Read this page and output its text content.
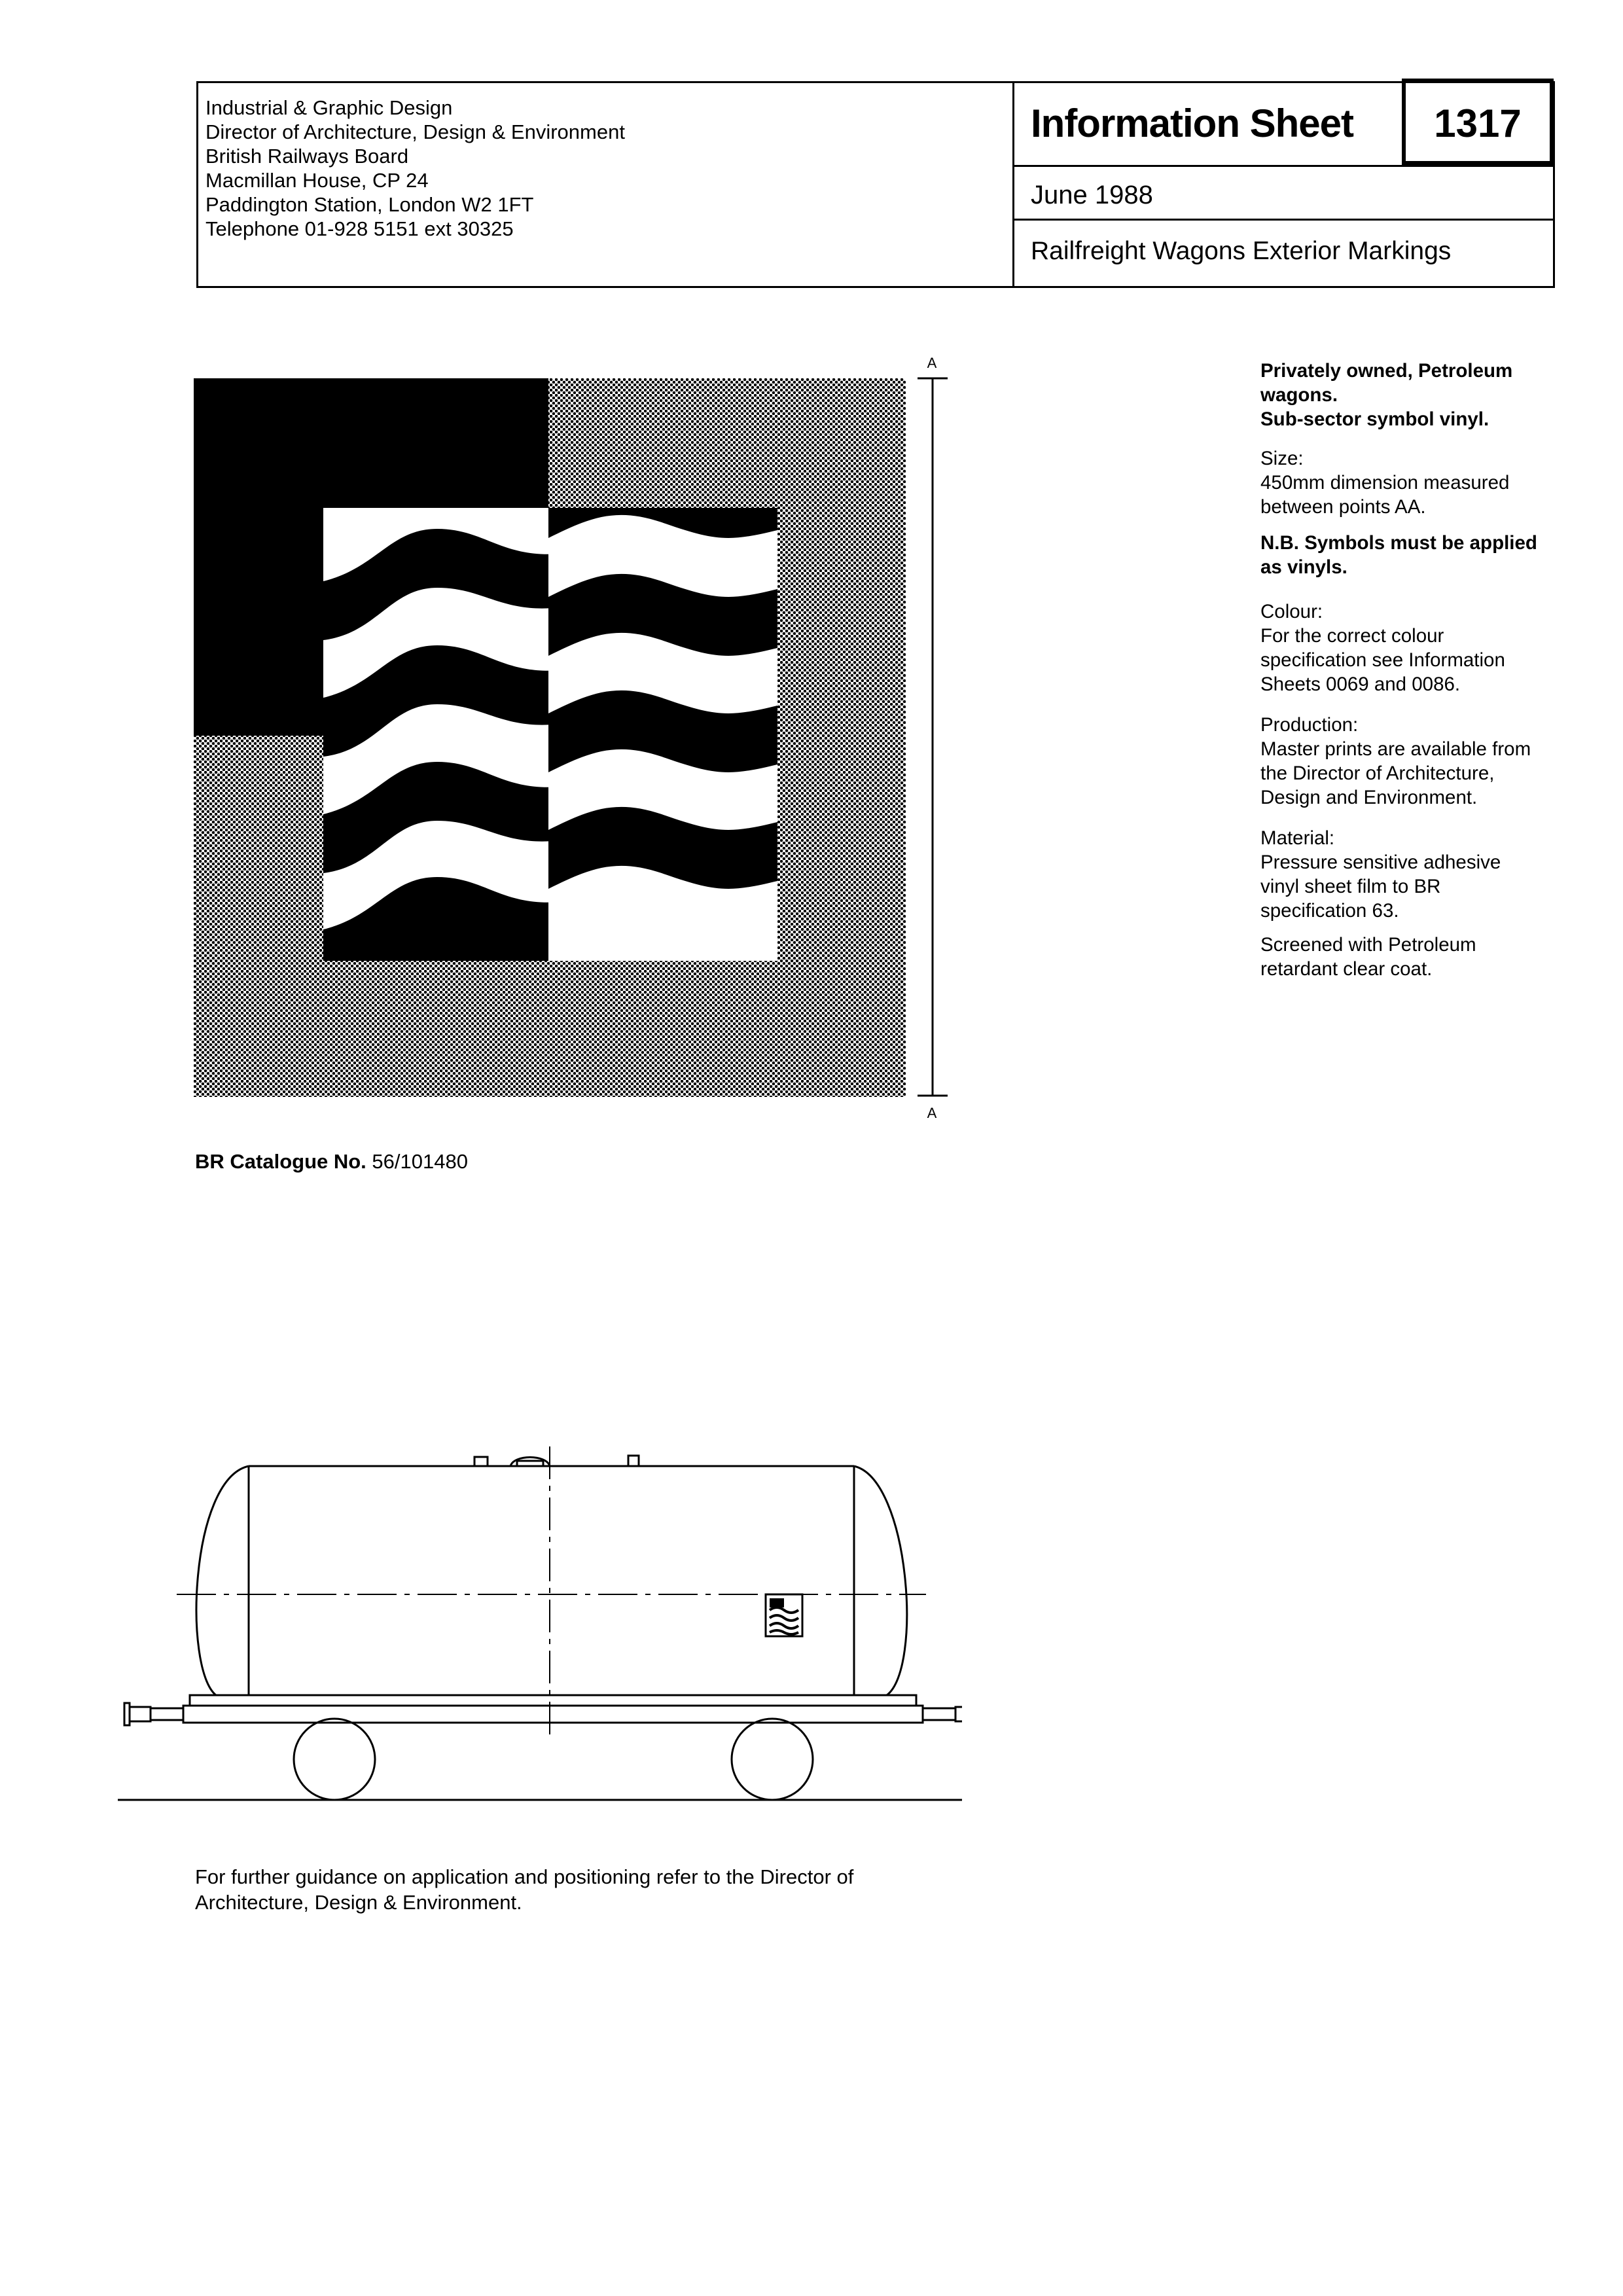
Industrial & Graphic Design
Director of Architecture, Design & Environment
British Railways Board
Macmillan House, CP 24
Paddington Station, London W2 1FT
Telephone 01-928 5151 ext 30325
Information Sheet	1317
June 1988
Railfreight Wagons Exterior Markings
A
A

Privately owned, Petroleum

wagons.

Sub-sector symbol vinyl.

Size:

450mm dimension measured

between points AA.

N.B. Symbols must be applied

as vinyls.

Colour:

For the correct colour

specification see Information

Sheets 0069 and 0086.

Production:

Master prints are available from

the Director of Architecture,

Design and Environment.

Material:

Pressure sensitive adhesive

vinyl sheet film to BR

specification 63.

Screened with Petroleum

retardant clear coat.

BR Catalogue No. 56/101480
For further guidance on application and positioning refer to the Director of
Architecture, Design & Environment.
